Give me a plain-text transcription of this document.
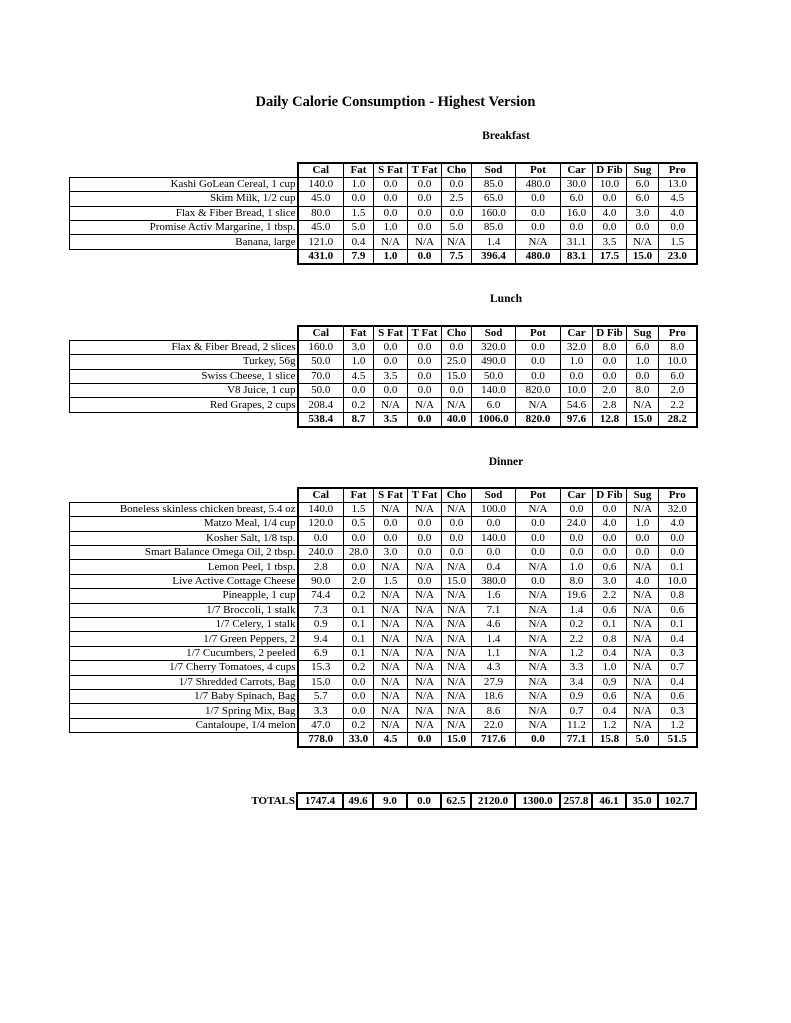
Daily Calorie Consumption - Highest Version
Breakfast
	Cal	Fat	S Fat	T Fat	Cho	Sod	Pot	Car	D Fib	Sug	Pro
Kashi GoLean Cereal, 1 cup	140.0	1.0	0.0	0.0	0.0	85.0	480.0	30.0	10.0	6.0	13.0
Skim Milk, 1/2 cup	45.0	0.0	0.0	0.0	2.5	65.0	0.0	6.0	0.0	6.0	4.5
Flax & Fiber Bread, 1 slice	80.0	1.5	0.0	0.0	0.0	160.0	0.0	16.0	4.0	3.0	4.0
Promise Activ Margarine, 1 tbsp.	45.0	5.0	1.0	0.0	5.0	85.0	0.0	0.0	0.0	0.0	0.0
Banana, large	121.0	0.4	N/A	N/A	N/A	1.4	N/A	31.1	3.5	N/A	1.5
	431.0	7.9	1.0	0.0	7.5	396.4	480.0	83.1	17.5	15.0	23.0
Lunch
	Cal	Fat	S Fat	T Fat	Cho	Sod	Pot	Car	D Fib	Sug	Pro
Flax & Fiber Bread, 2 slices	160.0	3.0	0.0	0.0	0.0	320.0	0.0	32.0	8.0	6.0	8.0
Turkey, 56g	50.0	1.0	0.0	0.0	25.0	490.0	0.0	1.0	0.0	1.0	10.0
Swiss Cheese, 1 slice	70.0	4.5	3.5	0.0	15.0	50.0	0.0	0.0	0.0	0.0	6.0
V8 Juice, 1 cup	50.0	0.0	0.0	0.0	0.0	140.0	820.0	10.0	2.0	8.0	2.0
Red Grapes, 2 cups	208.4	0.2	N/A	N/A	N/A	6.0	N/A	54.6	2.8	N/A	2.2
	538.4	8.7	3.5	0.0	40.0	1006.0	820.0	97.6	12.8	15.0	28.2
Dinner
	Cal	Fat	S Fat	T Fat	Cho	Sod	Pot	Car	D Fib	Sug	Pro
Boneless skinless chicken breast, 5.4 oz	140.0	1.5	N/A	N/A	N/A	100.0	N/A	0.0	0.0	N/A	32.0
Matzo Meal, 1/4 cup	120.0	0.5	0.0	0.0	0.0	0.0	0.0	24.0	4.0	1.0	4.0
Kosher Salt, 1/8 tsp.	0.0	0.0	0.0	0.0	0.0	140.0	0.0	0.0	0.0	0.0	0.0
Smart Balance Omega Oil, 2 tbsp.	240.0	28.0	3.0	0.0	0.0	0.0	0.0	0.0	0.0	0.0	0.0
Lemon Peel, 1 tbsp.	2.8	0.0	N/A	N/A	N/A	0.4	N/A	1.0	0.6	N/A	0.1
Live Active Cottage Cheese	90.0	2.0	1.5	0.0	15.0	380.0	0.0	8.0	3.0	4.0	10.0
Pineapple, 1 cup	74.4	0.2	N/A	N/A	N/A	1.6	N/A	19.6	2.2	N/A	0.8
1/7 Broccoli, 1 stalk	7.3	0.1	N/A	N/A	N/A	7.1	N/A	1.4	0.6	N/A	0.6
1/7 Celery, 1 stalk	0.9	0.1	N/A	N/A	N/A	4.6	N/A	0.2	0.1	N/A	0.1
1/7 Green Peppers, 2	9.4	0.1	N/A	N/A	N/A	1.4	N/A	2.2	0.8	N/A	0.4
1/7 Cucumbers, 2 peeled	6.9	0.1	N/A	N/A	N/A	1.1	N/A	1.2	0.4	N/A	0.3
1/7 Cherry Tomatoes, 4 cups	15.3	0.2	N/A	N/A	N/A	4.3	N/A	3.3	1.0	N/A	0.7
1/7 Shredded Carrots, Bag	15.0	0.0	N/A	N/A	N/A	27.9	N/A	3.4	0.9	N/A	0.4
1/7 Baby Spinach, Bag	5.7	0.0	N/A	N/A	N/A	18.6	N/A	0.9	0.6	N/A	0.6
1/7 Spring Mix, Bag	3.3	0.0	N/A	N/A	N/A	8.6	N/A	0.7	0.4	N/A	0.3
Cantaloupe, 1/4 melon	47.0	0.2	N/A	N/A	N/A	22.0	N/A	11.2	1.2	N/A	1.2
	778.0	33.0	4.5	0.0	15.0	717.6	0.0	77.1	15.8	5.0	51.5
TOTALS	1747.4	49.6	9.0	0.0	62.5	2120.0	1300.0	257.8	46.1	35.0	102.7
